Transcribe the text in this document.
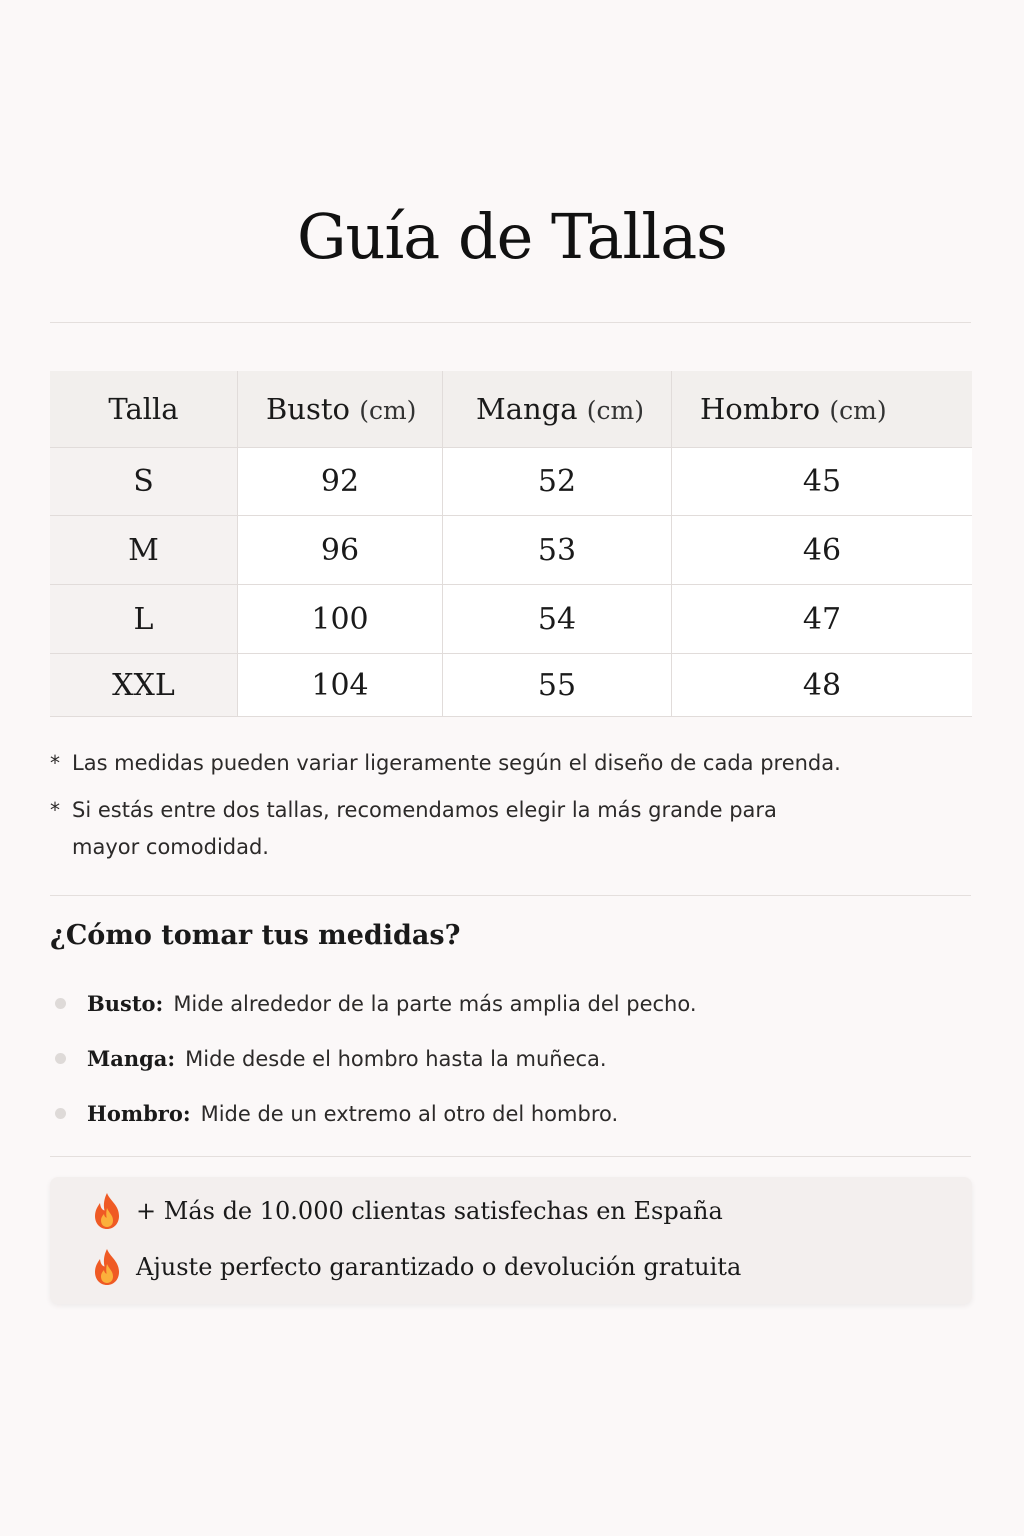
Guía de Tallas
Talla	Busto (cm)	Manga (cm)	Hombro (cm)
S	92	52	45
M	96	53	46
L	100	54	47
XXL	104	55	48
* Las medidas pueden variar ligeramente según el diseño de cada prenda.
* Si estás entre dos tallas, recomendamos elegir la más grande para
mayor comodidad.
¿Cómo tomar tus medidas?
Busto: Mide alrededor de la parte más amplia del pecho.
Manga: Mide desde el hombro hasta la muñeca.
Hombro: Mide de un extremo al otro del hombro.
+ Más de 10.000 clientas satisfechas en España
Ajuste perfecto garantizado o devolución gratuita
